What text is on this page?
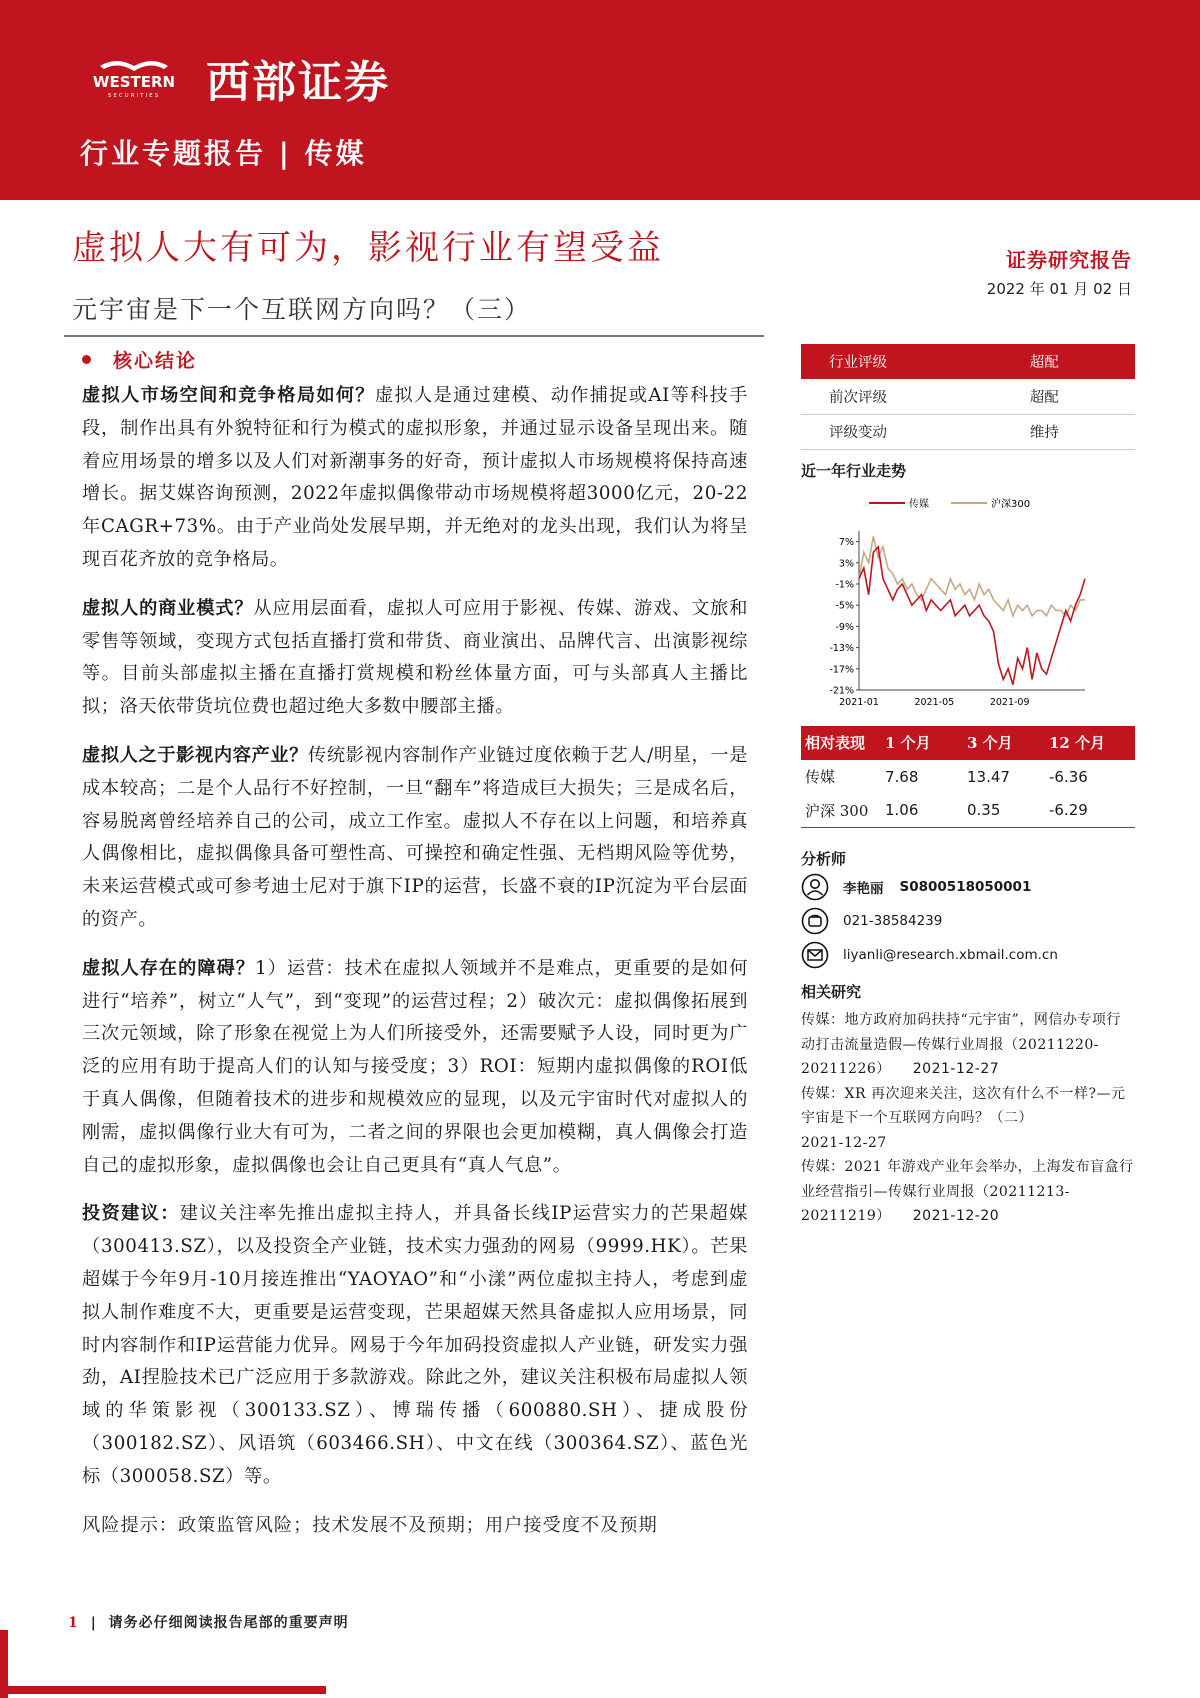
WESTERN
SECURITIES 西部证券
行业专题报告 | 传媒
虚拟人大有可为，影视行业有望受益
元宇宙是下一个互联网方向吗？（三）
证券研究报告
2022 年 01 月 02 日
核心结论

虚拟人市场空间和竞争格局如何？虚拟人是通过建模、动作捕捉或AI等科技手段，制作出具有外貌特征和行为模式的虚拟形象，并通过显示设备呈现出来。随着应用场景的增多以及人们对新潮事务的好奇，预计虚拟人市场规模将保持高速增长。据艾媒咨询预测，2022年虚拟偶像带动市场规模将超3000亿元，20-22年CAGR+73%。由于产业尚处发展早期，并无绝对的龙头出现，我们认为将呈现百花齐放的竞争格局。

虚拟人的商业模式？从应用层面看，虚拟人可应用于影视、传媒、游戏、文旅和零售等领域，变现方式包括直播打赏和带货、商业演出、品牌代言、出演影视综等。目前头部虚拟主播在直播打赏规模和粉丝体量方面，可与头部真人主播比拟；洛天依带货坑位费也超过绝大多数中腰部主播。

虚拟人之于影视内容产业？传统影视内容制作产业链过度依赖于艺人/明星，一是成本较高；二是个人品行不好控制，一旦“翻车”将造成巨大损失；三是成名后，容易脱离曾经培养自己的公司，成立工作室。虚拟人不存在以上问题，和培养真人偶像相比，虚拟偶像具备可塑性高、可操控和确定性强、无档期风险等优势，未来运营模式或可参考迪士尼对于旗下IP的运营，长盛不衰的IP沉淀为平台层面的资产。

虚拟人存在的障碍？1）运营：技术在虚拟人领域并不是难点，更重要的是如何进行“培养”，树立“人气”，到“变现”的运营过程；2）破次元：虚拟偶像拓展到三次元领域，除了形象在视觉上为人们所接受外，还需要赋予人设，同时更为广泛的应用有助于提高人们的认知与接受度；3）ROI：短期内虚拟偶像的ROI低于真人偶像，但随着技术的进步和规模效应的显现，以及元宇宙时代对虚拟人的刚需，虚拟偶像行业大有可为，二者之间的界限也会更加模糊，真人偶像会打造自己的虚拟形象，虚拟偶像也会让自己更具有“真人气息”。

投资建议：建议关注率先推出虚拟主持人，并具备长线IP运营实力的芒果超媒（300413.SZ），以及投资全产业链，技术实力强劲的网易（9999.HK）。芒果超媒于今年9月-10月接连推出“YAOYAO”和“小漾”两位虚拟主持人，考虑到虚拟人制作难度不大，更重要是运营变现，芒果超媒天然具备虚拟人应用场景，同时内容制作和IP运营能力优异。网易于今年加码投资虚拟人产业链，研发实力强劲，AI捏脸技术已广泛应用于多款游戏。除此之外，建议关注积极布局虚拟人领域的华策影视（300133.SZ）、博瑞传播（600880.SH）、捷成股份（300182.SZ）、风语筑（603466.SH）、中文在线（300364.SZ）、蓝色光标（300058.SZ）等。

风险提示：政策监管风险；技术发展不及预期；用户接受度不及预期

行业评级	超配
前次评级	超配
评级变动	维持
近一年行业走势
传媒	沪深300
7%
3%
-1%
-5%
-9%
-13%
-17%
-21%
2021-01	2021-05	2021-09
相对表现	1 个月	3 个月	12 个月
传媒	7.68	13.47	-6.36
沪深 300	1.06	0.35	-6.29
分析师
李艳丽 S0800518050001
021-38584239
liyanli@research.xbmail.com.cn
相关研究
传媒：地方政府加码扶持“元宇宙”，网信办专项行动打击流量造假—传媒行业周报（20211220-20211226） 2021-12-27
传媒：XR 再次迎来关注，这次有什么不一样?—元宇宙是下一个互联网方向吗？（二）
2021-12-27
传媒：2021 年游戏产业年会举办，上海发布盲盒行业经营指引—传媒行业周报（20211213-20211219） 2021-12-20
1 |  请务必仔细阅读报告尾部的重要声明
